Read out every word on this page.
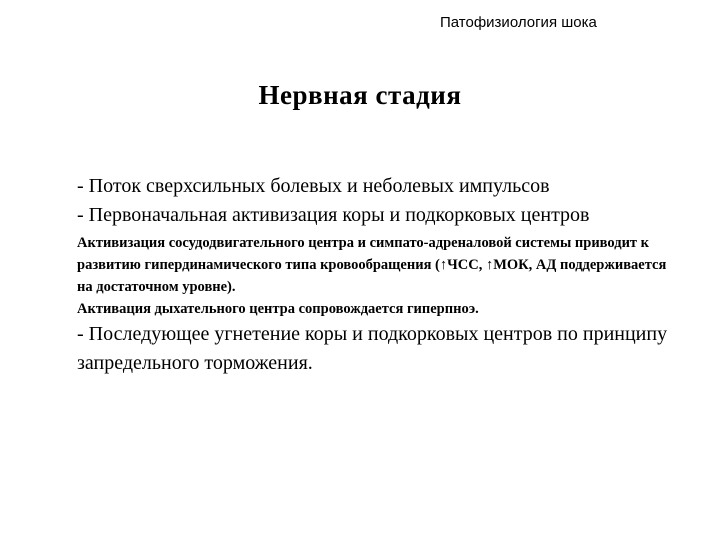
Патофизиология шока
Нервная стадия
- Поток сверхсильных болевых и неболевых импульсов
- Первоначальная активизация коры и подкорковых центров
Активизация сосудодвигательного центра и симпато-адреналовой системы приводит к развитию гипердинамического типа кровообращения (↑ЧСС, ↑МОК, АД поддерживается на достаточном уровне).
Активация дыхательного центра сопровождается гиперпноэ.
- Последующее угнетение коры и подкорковых центров по принципу запредельного торможения.
